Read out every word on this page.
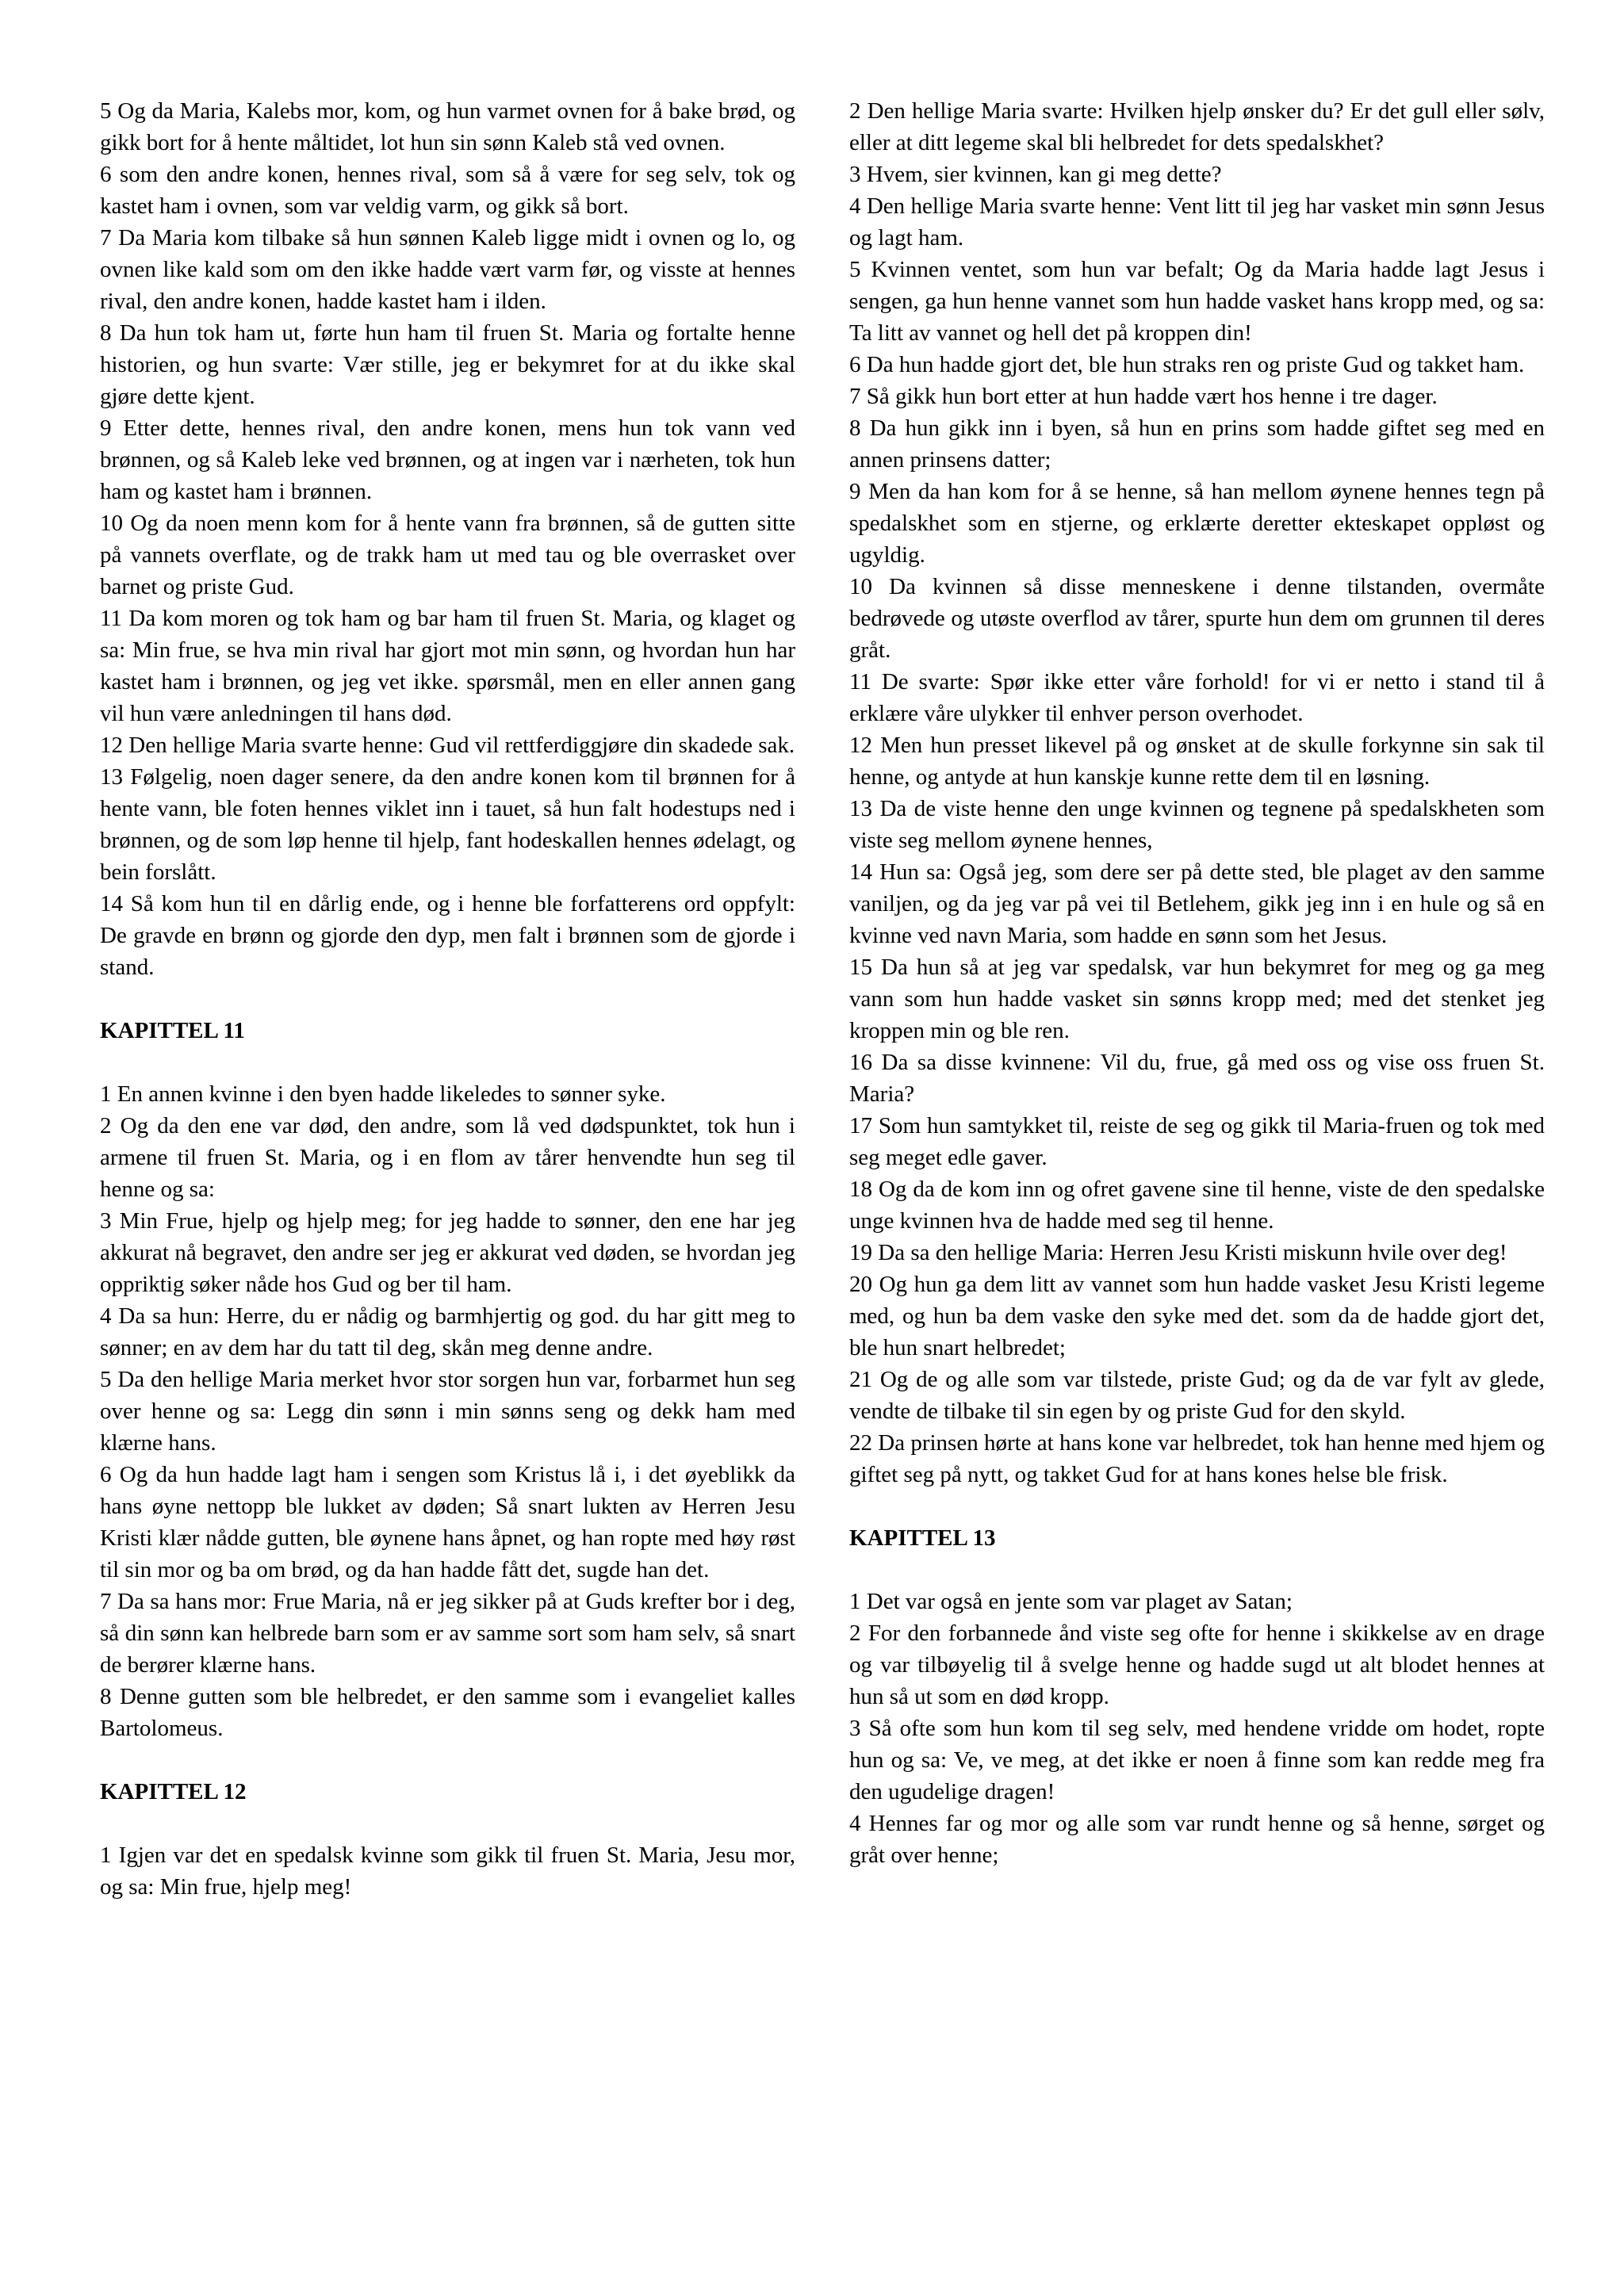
5 Og da Maria, Kalebs mor, kom, og hun varmet ovnen for å bake brød, og gikk bort for å hente måltidet, lot hun sin sønn Kaleb stå ved ovnen.

6 som den andre konen, hennes rival, som så å være for seg selv, tok og kastet ham i ovnen, som var veldig varm, og gikk så bort.

7 Da Maria kom tilbake så hun sønnen Kaleb ligge midt i ovnen og lo, og ovnen like kald som om den ikke hadde vært varm før, og visste at hennes rival, den andre konen, hadde kastet ham i ilden.

8 Da hun tok ham ut, førte hun ham til fruen St. Maria og fortalte henne historien, og hun svarte: Vær stille, jeg er bekymret for at du ikke skal gjøre dette kjent.

9 Etter dette, hennes rival, den andre konen, mens hun tok vann ved brønnen, og så Kaleb leke ved brønnen, og at ingen var i nærheten, tok hun ham og kastet ham i brønnen.

10 Og da noen menn kom for å hente vann fra brønnen, så de gutten sitte på vannets overflate, og de trakk ham ut med tau og ble overrasket over barnet og priste Gud.

11 Da kom moren og tok ham og bar ham til fruen St. Maria, og klaget og sa: Min frue, se hva min rival har gjort mot min sønn, og hvordan hun har kastet ham i brønnen, og jeg vet ikke. spørsmål, men en eller annen gang vil hun være anledningen til hans død.

12 Den hellige Maria svarte henne: Gud vil rettferdiggjøre din skadede sak.

13 Følgelig, noen dager senere, da den andre konen kom til brønnen for å hente vann, ble foten hennes viklet inn i tauet, så hun falt hodestups ned i brønnen, og de som løp henne til hjelp, fant hodeskallen hennes ødelagt, og bein forslått.

14 Så kom hun til en dårlig ende, og i henne ble forfatterens ord oppfylt: De gravde en brønn og gjorde den dyp, men falt i brønnen som de gjorde i stand.

KAPITTEL 11

1 En annen kvinne i den byen hadde likeledes to sønner syke.

2 Og da den ene var død, den andre, som lå ved dødspunktet, tok hun i armene til fruen St. Maria, og i en flom av tårer henvendte hun seg til henne og sa:

3 Min Frue, hjelp og hjelp meg; for jeg hadde to sønner, den ene har jeg akkurat nå begravet, den andre ser jeg er akkurat ved døden, se hvordan jeg oppriktig søker nåde hos Gud og ber til ham.

4 Da sa hun: Herre, du er nådig og barmhjertig og god. du har gitt meg to sønner; en av dem har du tatt til deg, skån meg denne andre.

5 Da den hellige Maria merket hvor stor sorgen hun var, forbarmet hun seg over henne og sa: Legg din sønn i min sønns seng og dekk ham med klærne hans.

6 Og da hun hadde lagt ham i sengen som Kristus lå i, i det øyeblikk da hans øyne nettopp ble lukket av døden; Så snart lukten av Herren Jesu Kristi klær nådde gutten, ble øynene hans åpnet, og han ropte med høy røst til sin mor og ba om brød, og da han hadde fått det, sugde han det.

7 Da sa hans mor: Frue Maria, nå er jeg sikker på at Guds krefter bor i deg, så din sønn kan helbrede barn som er av samme sort som ham selv, så snart de berører klærne hans.

8 Denne gutten som ble helbredet, er den samme som i evangeliet kalles Bartolomeus.

KAPITTEL 12

1 Igjen var det en spedalsk kvinne som gikk til fruen St. Maria, Jesu mor, og sa: Min frue, hjelp meg!

2 Den hellige Maria svarte: Hvilken hjelp ønsker du? Er det gull eller sølv, eller at ditt legeme skal bli helbredet for dets spedalskhet?

3 Hvem, sier kvinnen, kan gi meg dette?

4 Den hellige Maria svarte henne: Vent litt til jeg har vasket min sønn Jesus og lagt ham.

5 Kvinnen ventet, som hun var befalt; Og da Maria hadde lagt Jesus i sengen, ga hun henne vannet som hun hadde vasket hans kropp med, og sa: Ta litt av vannet og hell det på kroppen din!

6 Da hun hadde gjort det, ble hun straks ren og priste Gud og takket ham.

7 Så gikk hun bort etter at hun hadde vært hos henne i tre dager.

8 Da hun gikk inn i byen, så hun en prins som hadde giftet seg med en annen prinsens datter;

9 Men da han kom for å se henne, så han mellom øynene hennes tegn på spedalskhet som en stjerne, og erklærte deretter ekteskapet oppløst og ugyldig.

10 Da kvinnen så disse menneskene i denne tilstanden, overmåte bedrøvede og utøste overflod av tårer, spurte hun dem om grunnen til deres gråt.

11 De svarte: Spør ikke etter våre forhold! for vi er netto i stand til å erklære våre ulykker til enhver person overhodet.

12 Men hun presset likevel på og ønsket at de skulle forkynne sin sak til henne, og antyde at hun kanskje kunne rette dem til en løsning.

13 Da de viste henne den unge kvinnen og tegnene på spedalskheten som viste seg mellom øynene hennes,

14 Hun sa: Også jeg, som dere ser på dette sted, ble plaget av den samme vaniljen, og da jeg var på vei til Betlehem, gikk jeg inn i en hule og så en kvinne ved navn Maria, som hadde en sønn som het Jesus.

15 Da hun så at jeg var spedalsk, var hun bekymret for meg og ga meg vann som hun hadde vasket sin sønns kropp med; med det stenket jeg kroppen min og ble ren.

16 Da sa disse kvinnene: Vil du, frue, gå med oss og vise oss fruen St. Maria?

17 Som hun samtykket til, reiste de seg og gikk til Maria-fruen og tok med seg meget edle gaver.

18 Og da de kom inn og ofret gavene sine til henne, viste de den spedalske unge kvinnen hva de hadde med seg til henne.

19 Da sa den hellige Maria: Herren Jesu Kristi miskunn hvile over deg!

20 Og hun ga dem litt av vannet som hun hadde vasket Jesu Kristi legeme med, og hun ba dem vaske den syke med det. som da de hadde gjort det, ble hun snart helbredet;

21 Og de og alle som var tilstede, priste Gud; og da de var fylt av glede, vendte de tilbake til sin egen by og priste Gud for den skyld.

22 Da prinsen hørte at hans kone var helbredet, tok han henne med hjem og giftet seg på nytt, og takket Gud for at hans kones helse ble frisk.

KAPITTEL 13

1 Det var også en jente som var plaget av Satan;

2 For den forbannede ånd viste seg ofte for henne i skikkelse av en drage og var tilbøyelig til å svelge henne og hadde sugd ut alt blodet hennes at hun så ut som en død kropp.

3 Så ofte som hun kom til seg selv, med hendene vridde om hodet, ropte hun og sa: Ve, ve meg, at det ikke er noen å finne som kan redde meg fra den ugudelige dragen!

4 Hennes far og mor og alle som var rundt henne og så henne, sørget og gråt over henne;
